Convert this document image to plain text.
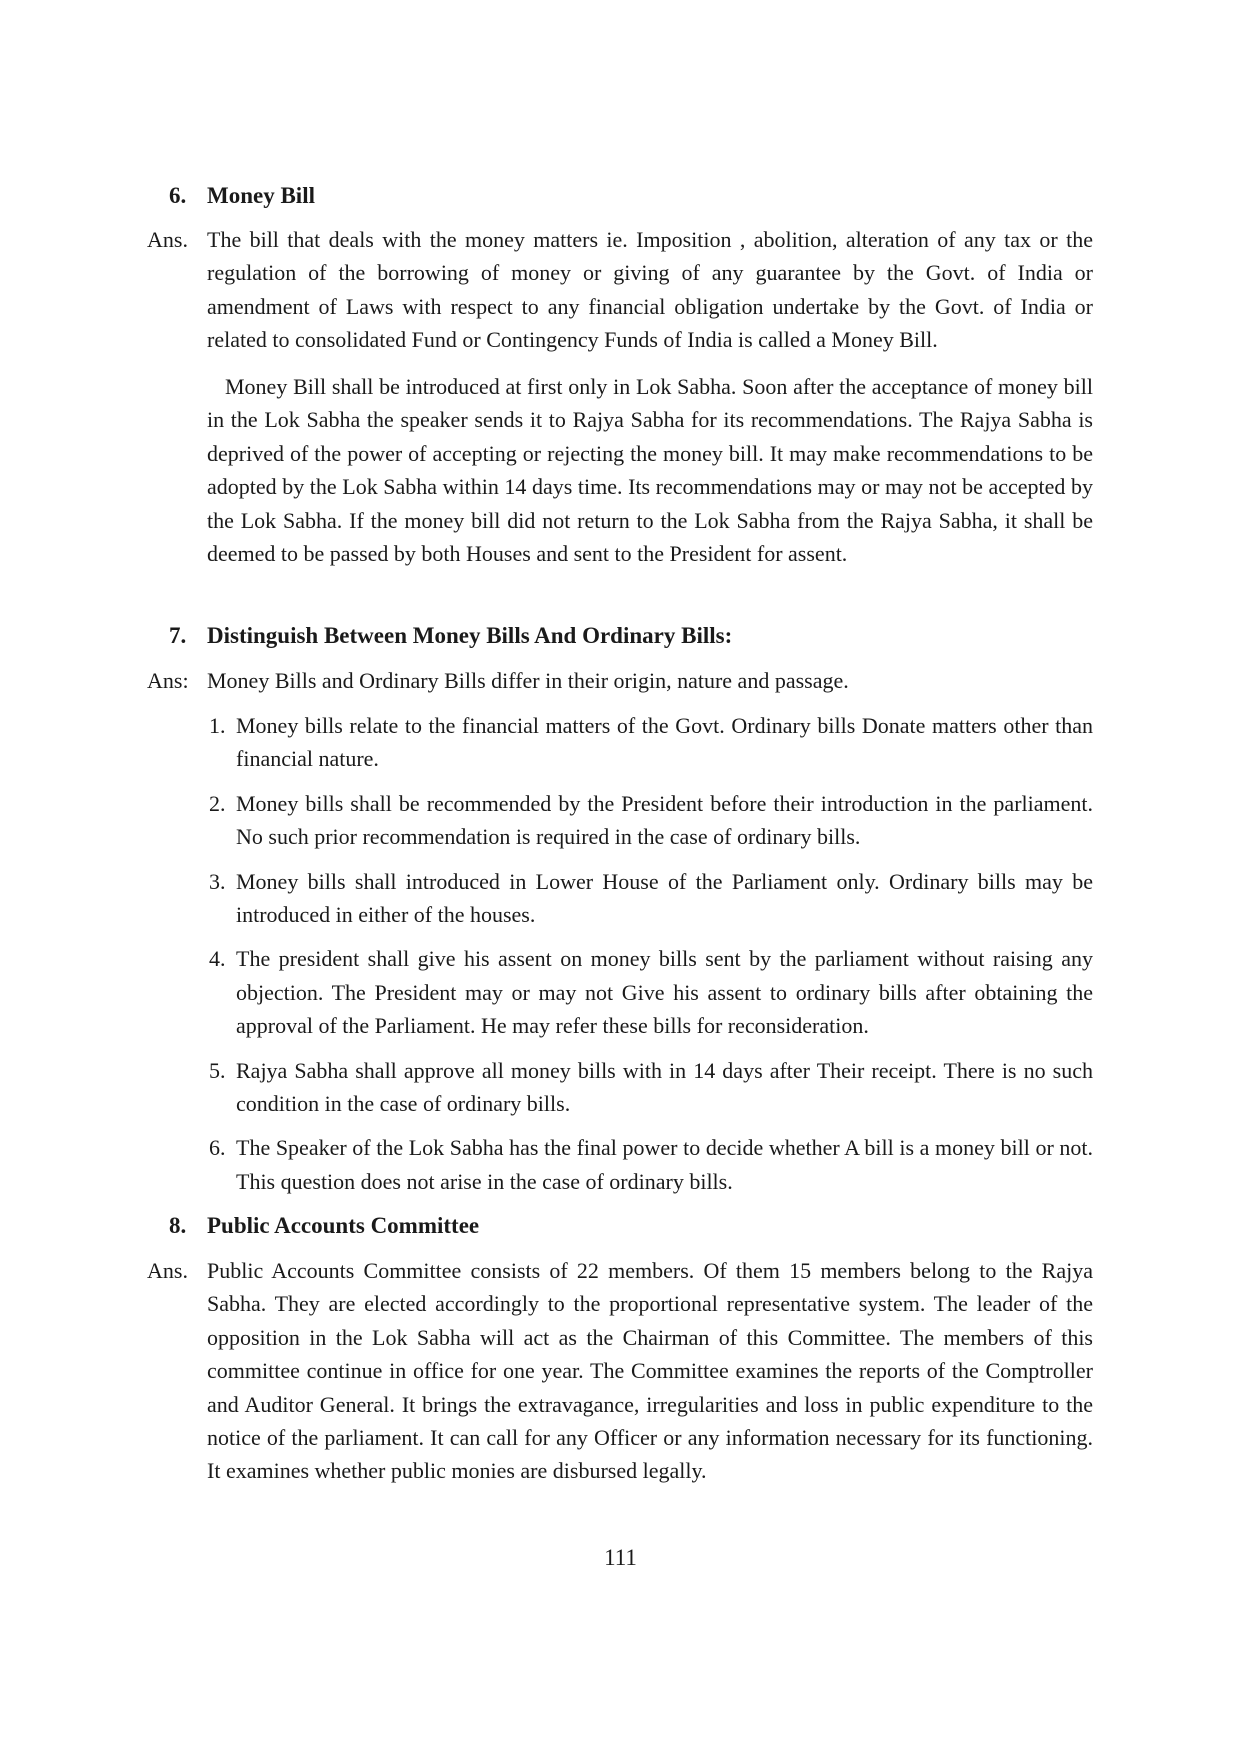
6. Money Bill
Ans. The bill that deals with the money matters ie. Imposition , abolition, alteration of any tax or the regulation of the borrowing of money or giving of any guarantee by the Govt. of India or amendment of Laws with respect to any financial obligation undertake by the Govt. of India or related to consolidated Fund or Contingency Funds of India is called a Money Bill.
Money Bill shall be introduced at first only in Lok Sabha. Soon after the acceptance of money bill in the Lok Sabha the speaker sends it to Rajya Sabha for its recommendations. The Rajya Sabha is deprived of the power of accepting or rejecting the money bill. It may make recommendations to be adopted by the Lok Sabha within 14 days time. Its recommendations may or may not be accepted by the Lok Sabha. If the money bill did not return to the Lok Sabha from the Rajya Sabha, it shall be deemed to be passed by both Houses and sent to the President for assent.
7. Distinguish Between Money Bills And Ordinary Bills:
Ans: Money Bills and Ordinary Bills differ in their origin, nature and passage.
1. Money bills relate to the financial matters of the Govt. Ordinary bills Donate matters other than financial nature.
2. Money bills shall be recommended by the President before their introduction in the parliament. No such prior recommendation is required in the case of ordinary bills.
3. Money bills shall introduced in Lower House of the Parliament only. Ordinary bills may be introduced in either of the houses.
4. The president shall give his assent on money bills sent by the parliament without raising any objection. The President may or may not Give his assent to ordinary bills after obtaining the approval of the Parliament. He may refer these bills for reconsideration.
5. Rajya Sabha shall approve all money bills with in 14 days after Their receipt. There is no such condition in the case of ordinary bills.
6. The Speaker of the Lok Sabha has the final power to decide whether A bill is a money bill or not. This question does not arise in the case of ordinary bills.
8. Public Accounts Committee
Ans. Public Accounts Committee consists of 22 members. Of them 15 members belong to the Rajya Sabha. They are elected accordingly to the proportional representative system. The leader of the opposition in the Lok Sabha will act as the Chairman of this Committee. The members of this committee continue in office for one year. The Committee examines the reports of the Comptroller and Auditor General. It brings the extravagance, irregularities and loss in public expenditure to the notice of the parliament. It can call for any Officer or any information necessary for its functioning. It examines whether public monies are disbursed legally.
111
